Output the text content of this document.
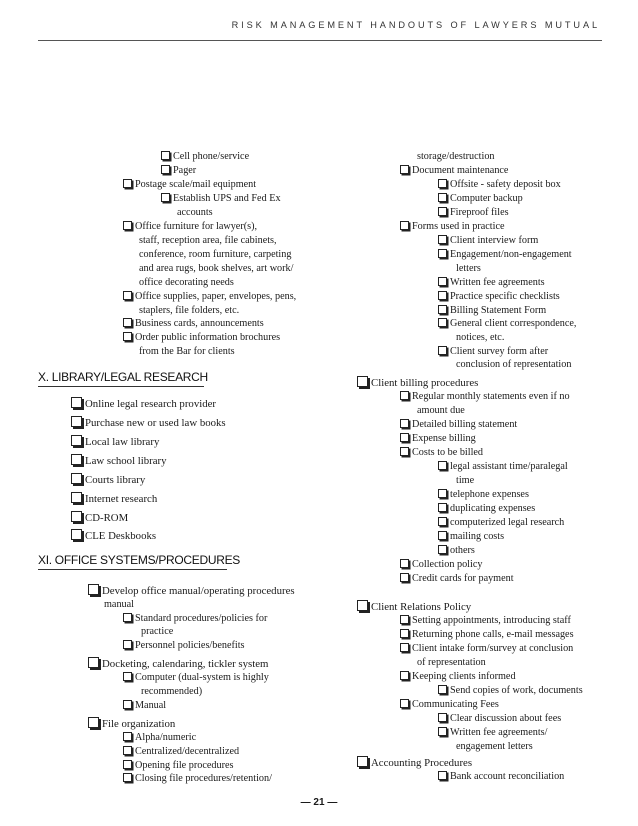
RISK MANAGEMENT HANDOUTS OF LAWYERS MUTUAL
Cell phone/service
Pager
Postage scale/mail equipment
Establish UPS and Fed Ex
accounts
Office furniture for lawyer(s),
staff, reception area, file cabinets,
conference, room furniture, carpeting
and area rugs, book shelves, art work/
office decorating needs
Office supplies, paper, envelopes, pens,
staplers, file folders, etc.
Business cards, announcements
Order public information brochures
from the Bar for clients
X. LIBRARY/LEGAL RESEARCH
Online legal research provider
Purchase new or used law books
Local law library
Law school library
Courts library
Internet research
CD-ROM
CLE Deskbooks
XI. OFFICE SYSTEMS/PROCEDURES
Develop office manual/operating procedures
manual
Standard procedures/policies for
practice
Personnel policies/benefits
Docketing, calendaring, tickler system
Computer (dual-system is highly
recommended)
Manual
File organization
Alpha/numeric
Centralized/decentralized
Opening file procedures
Closing file procedures/retention/
storage/destruction
Document maintenance
Offsite - safety deposit box
Computer backup
Fireproof files
Forms used in practice
Client interview form
Engagement/non-engagement
letters
Written fee agreements
Practice specific checklists
Billing Statement Form
General client correspondence,
notices, etc.
Client survey form after
conclusion of representation
Client billing procedures
Regular monthly statements even if no
amount due
Detailed billing statement
Expense billing
Costs to be billed
legal assistant time/paralegal
time
telephone expenses
duplicating expenses
computerized legal research
mailing costs
others
Collection policy
Credit cards for payment
Client Relations Policy
Setting appointments, introducing staff
Returning phone calls, e-mail messages
Client intake form/survey at conclusion
of representation
Keeping clients informed
Send copies of work, documents
Communicating Fees
Clear discussion about fees
Written fee agreements/
engagement letters
Accounting Procedures
Bank account reconciliation
— 21 —
